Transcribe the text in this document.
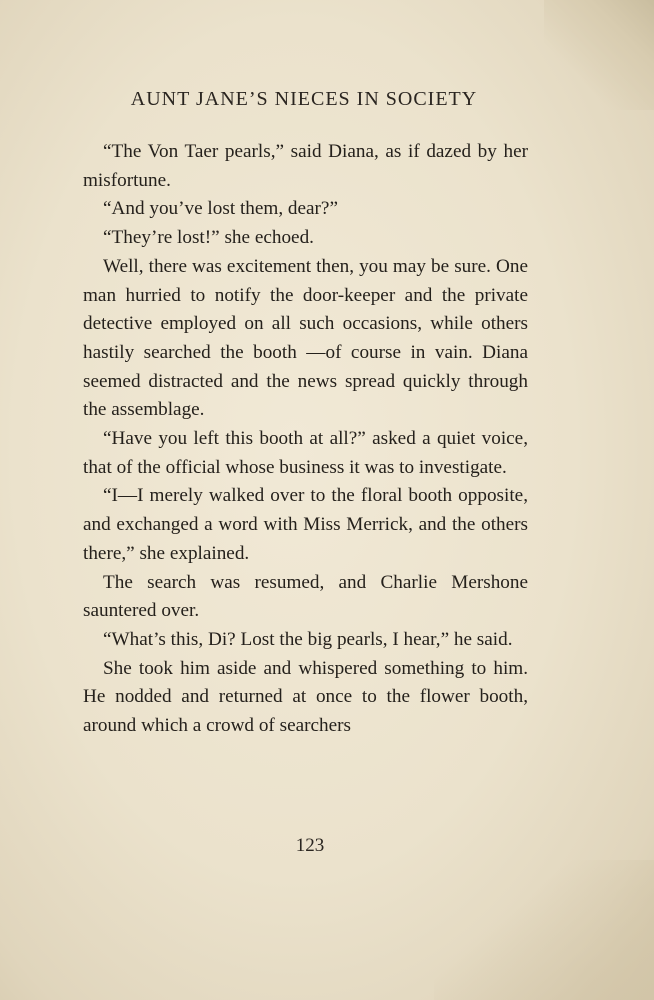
AUNT JANE’S NIECES IN SOCIETY

“The Von Taer pearls,” said Diana, as if dazed by her misfortune.

“And you’ve lost them, dear?”

“They’re lost!” she echoed.

Well, there was excitement then, you may be sure. One man hurried to notify the door-keeper and the private detective employed on all such occasions, while others hastily searched the booth —of course in vain. Diana seemed distracted and the news spread quickly through the assemblage.

“Have you left this booth at all?” asked a quiet voice, that of the official whose business it was to investigate.

“I—I merely walked over to the floral booth opposite, and exchanged a word with Miss Merrick, and the others there,” she explained.

The search was resumed, and Charlie Mershone sauntered over.

“What’s this, Di? Lost the big pearls, I hear,” he said.

She took him aside and whispered something to him. He nodded and returned at once to the flower booth, around which a crowd of searchers

123
